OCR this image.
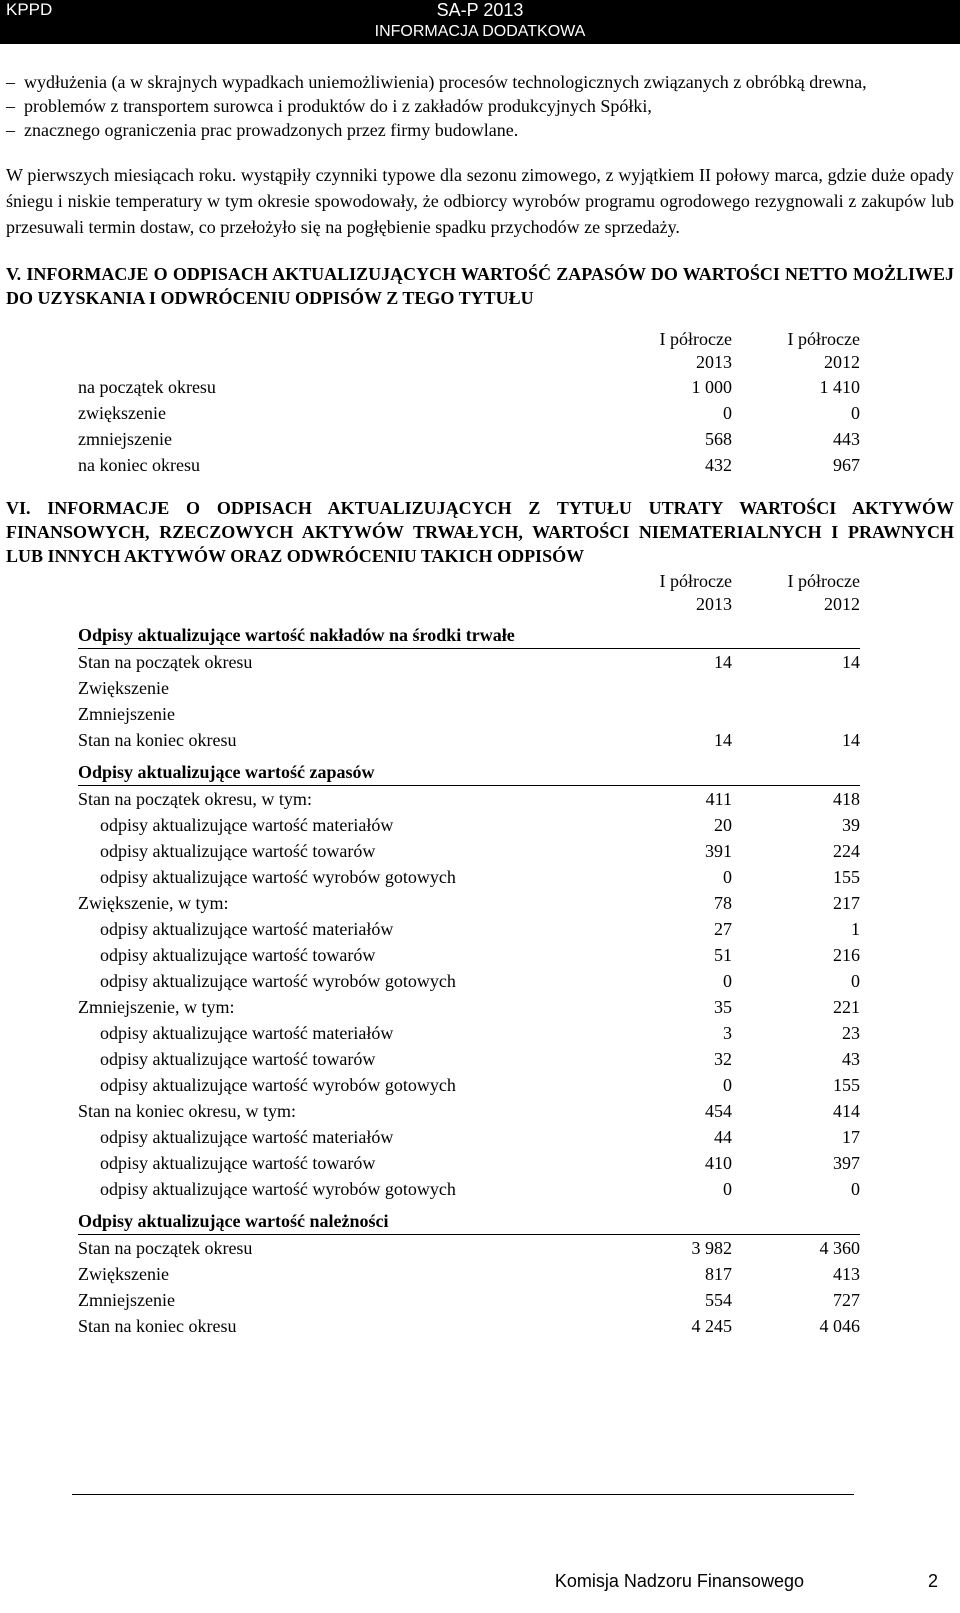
KPPD	SA-P 2013
INFORMACJA DODATKOWA
– wydłużenia (a w skrajnych wypadkach uniemożliwienia) procesów technologicznych związanych z obróbką drewna,
– problemów z transportem surowca i produktów do i z zakładów produkcyjnych Spółki,
– znacznego ograniczenia prac prowadzonych przez firmy budowlane.

W pierwszych miesiącach roku. wystąpiły czynniki typowe dla sezonu zimowego, z wyjątkiem II połowy marca, gdzie duże opady śniegu i niskie temperatury w tym okresie spowodowały, że odbiorcy wyrobów programu ogrodowego rezygnowali z zakupów lub przesuwali termin dostaw, co przełożyło się na pogłębienie spadku przychodów ze sprzedaży.

V. INFORMACJE O ODPISACH AKTUALIZUJĄCYCH WARTOŚĆ ZAPASÓW DO WARTOŚCI NETTO MOŻLIWEJ DO UZYSKANIA I ODWRÓCENIU ODPISÓW Z TEGO TYTUŁU
	I półrocze	I półrocze
	2013	2012
na początek okresu	1 000	1 410
zwiększenie	0	0
zmniejszenie	568	443
na koniec okresu	432	967
VI. INFORMACJE O ODPISACH AKTUALIZUJĄCYCH Z TYTUŁU UTRATY WARTOŚCI AKTYWÓW FINANSOWYCH, RZECZOWYCH AKTYWÓW TRWAŁYCH, WARTOŚCI NIEMATERIALNYCH I PRAWNYCH LUB INNYCH AKTYWÓW ORAZ ODWRÓCENIU TAKICH ODPISÓW
	I półrocze	I półrocze
	2013	2012

Odpisy aktualizujące wartość nakładów na środki trwałe		
Stan na początek okresu	14	14
Zwiększenie		
Zmniejszenie		
Stan na koniec okresu	14	14

Odpisy aktualizujące wartość zapasów		
Stan na początek okresu, w tym:	411	418
odpisy aktualizujące wartość materiałów	20	39
odpisy aktualizujące wartość towarów	391	224
odpisy aktualizujące wartość wyrobów gotowych	0	155
Zwiększenie, w tym:	78	217
odpisy aktualizujące wartość materiałów	27	1
odpisy aktualizujące wartość towarów	51	216
odpisy aktualizujące wartość wyrobów gotowych	0	0
Zmniejszenie, w tym:	35	221
odpisy aktualizujące wartość materiałów	3	23
odpisy aktualizujące wartość towarów	32	43
odpisy aktualizujące wartość wyrobów gotowych	0	155
Stan na koniec okresu, w tym:	454	414
odpisy aktualizujące wartość materiałów	44	17
odpisy aktualizujące wartość towarów	410	397
odpisy aktualizujące wartość wyrobów gotowych	0	0

Odpisy aktualizujące wartość należności		
Stan na początek okresu	3 982	4 360
Zwiększenie	817	413
Zmniejszenie	554	727
Stan na koniec okresu	4 245	4 046
Komisja Nadzoru Finansowego	2
